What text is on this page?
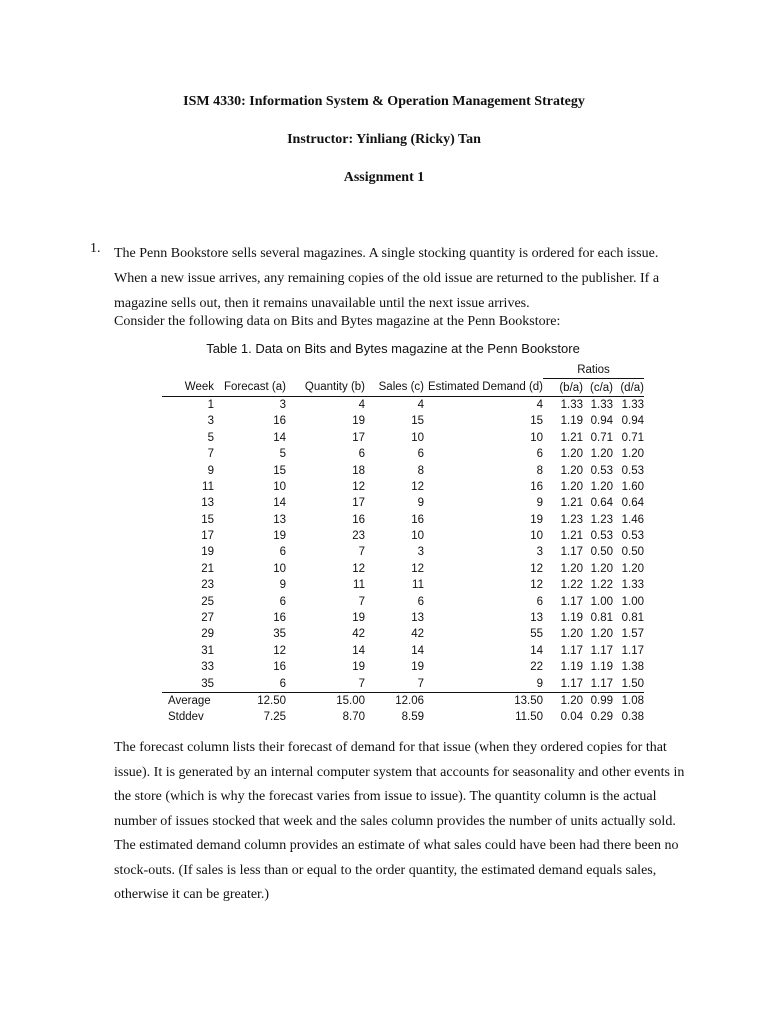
ISM 4330: Information System & Operation Management Strategy
Instructor: Yinliang (Ricky) Tan
Assignment 1
1. The Penn Bookstore sells several magazines. A single stocking quantity is ordered for each issue. When a new issue arrives, any remaining copies of the old issue are returned to the publisher. If a magazine sells out, then it remains unavailable until the next issue arrives.

Consider the following data on Bits and Bytes magazine at the Penn Bookstore:

Table 1. Data on Bits and Bytes magazine at the Penn Bookstore
					Ratios		
Week	Forecast (a)	Quantity (b)	Sales (c)	Estimated Demand (d)	(b/a)	(c/a)	(d/a)
1	3	4	4	4	1.33	1.33	1.33
3	16	19	15	15	1.19	0.94	0.94
5	14	17	10	10	1.21	0.71	0.71
7	5	6	6	6	1.20	1.20	1.20
9	15	18	8	8	1.20	0.53	0.53
11	10	12	12	16	1.20	1.20	1.60
13	14	17	9	9	1.21	0.64	0.64
15	13	16	16	19	1.23	1.23	1.46
17	19	23	10	10	1.21	0.53	0.53
19	6	7	3	3	1.17	0.50	0.50
21	10	12	12	12	1.20	1.20	1.20
23	9	11	11	12	1.22	1.22	1.33
25	6	7	6	6	1.17	1.00	1.00
27	16	19	13	13	1.19	0.81	0.81
29	35	42	42	55	1.20	1.20	1.57
31	12	14	14	14	1.17	1.17	1.17
33	16	19	19	22	1.19	1.19	1.38
35	6	7	7	9	1.17	1.17	1.50
Average	12.50	15.00	12.06	13.50	1.20	0.99	1.08
Stddev	7.25	8.70	8.59	11.50	0.04	0.29	0.38
The forecast column lists their forecast of demand for that issue (when they ordered copies for that issue). It is generated by an internal computer system that accounts for seasonality and other events in the store (which is why the forecast varies from issue to issue). The quantity column is the actual number of issues stocked that week and the sales column provides the number of units actually sold. The estimated demand column provides an estimate of what sales could have been had there been no stock-outs. (If sales is less than or equal to the order quantity, the estimated demand equals sales, otherwise it can be greater.)
